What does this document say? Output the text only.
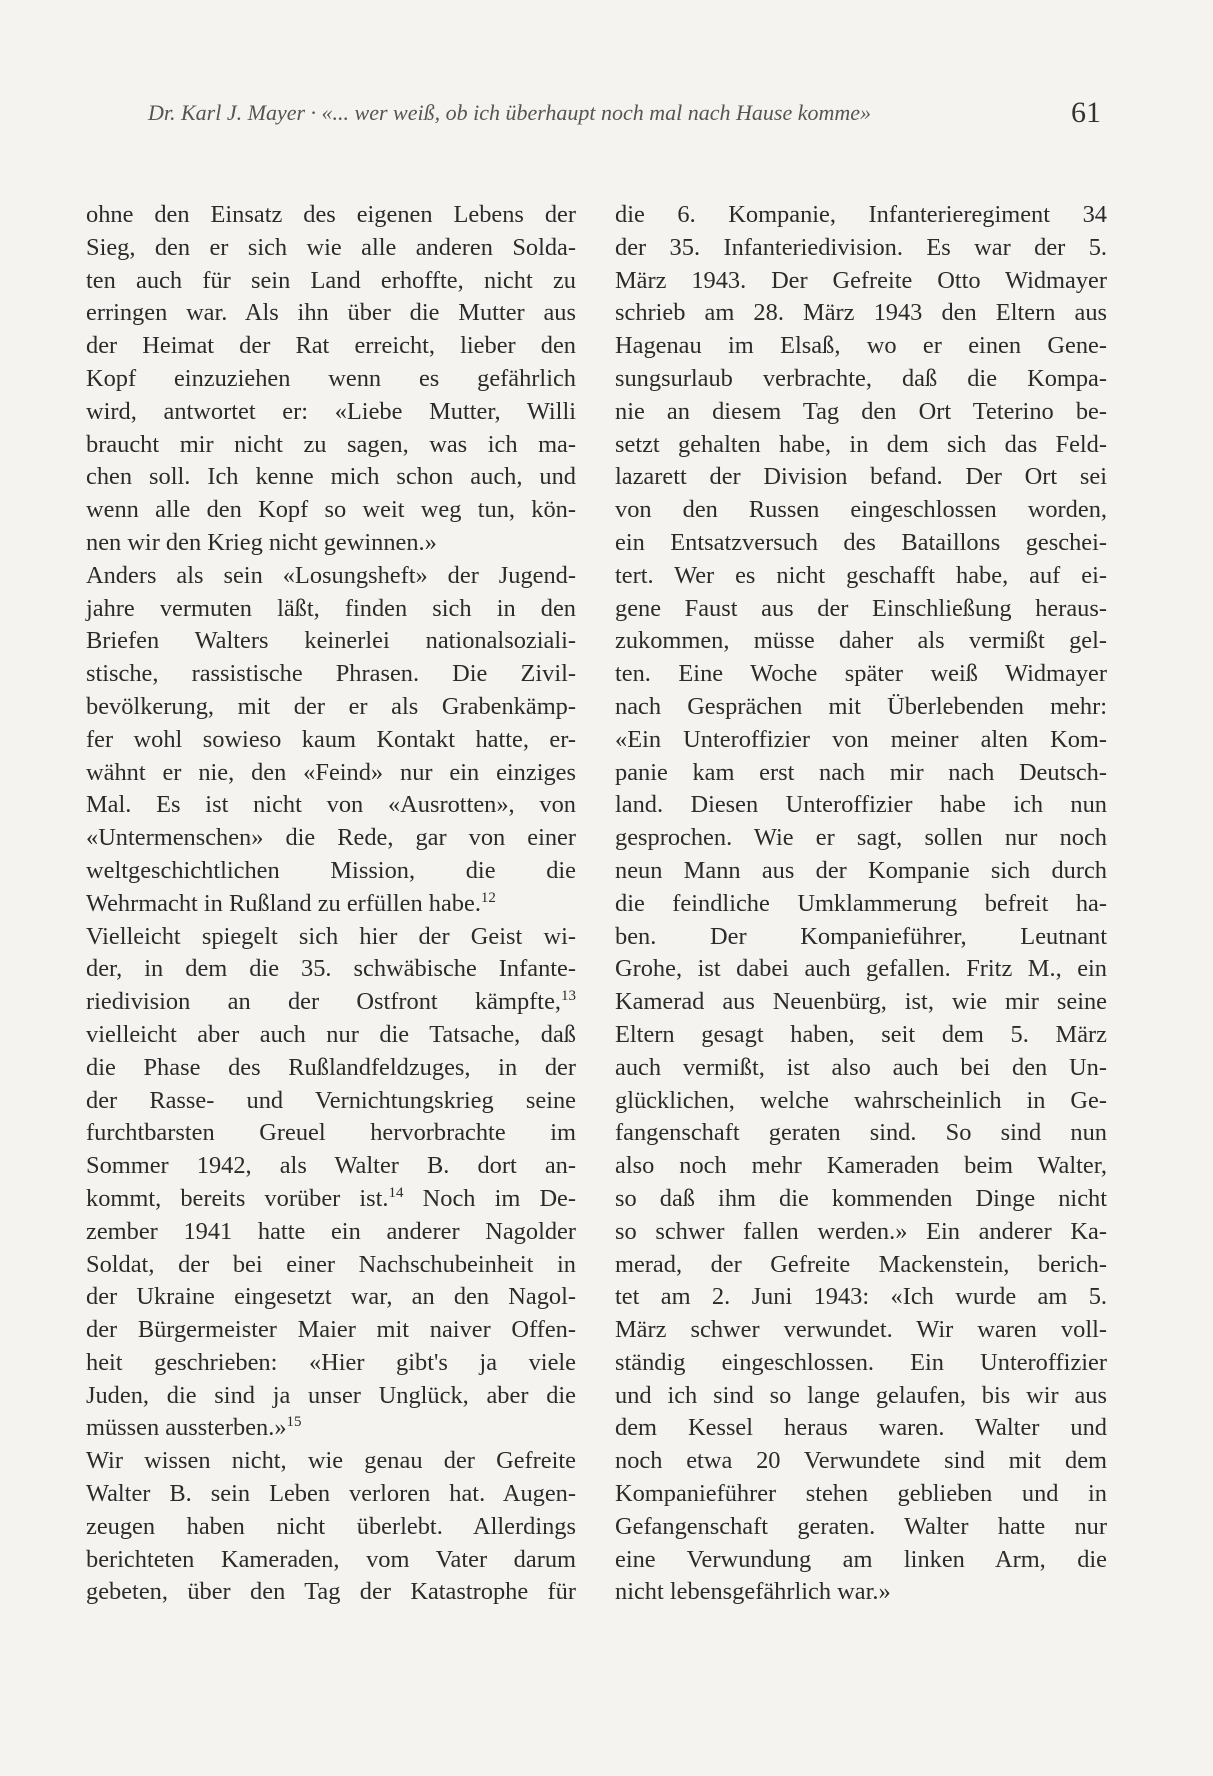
Dr. Karl J. Mayer · «... wer weiß, ob ich überhaupt noch mal nach Hause komme»	61
ohne den Einsatz des eigenen Lebens der
Sieg, den er sich wie alle anderen Solda-
ten auch für sein Land erhoffte, nicht zu
erringen war. Als ihn über die Mutter aus
der Heimat der Rat erreicht, lieber den
Kopf einzuziehen wenn es gefährlich
wird, antwortet er: «Liebe Mutter, Willi
braucht mir nicht zu sagen, was ich ma-
chen soll. Ich kenne mich schon auch, und
wenn alle den Kopf so weit weg tun, kön-
nen wir den Krieg nicht gewinnen.»
Anders als sein «Losungsheft» der Jugend-
jahre vermuten läßt, finden sich in den
Briefen Walters keinerlei nationalsoziali-
stische, rassistische Phrasen. Die Zivil-
bevölkerung, mit der er als Grabenkämp-
fer wohl sowieso kaum Kontakt hatte, er-
wähnt er nie, den «Feind» nur ein einziges
Mal. Es ist nicht von «Ausrotten», von
«Untermenschen» die Rede, gar von einer
weltgeschichtlichen Mission, die die
Wehrmacht in Rußland zu erfüllen habe.$^{12}$
Vielleicht spiegelt sich hier der Geist wi-
der, in dem die 35. schwäbische Infante-
riedivision an der Ostfront kämpfte,$^{13}$
vielleicht aber auch nur die Tatsache, daß
die Phase des Rußlandfeldzuges, in der
der Rasse- und Vernichtungskrieg seine
furchtbarsten Greuel hervorbrachte im
Sommer 1942, als Walter B. dort an-
kommt, bereits vorüber ist.$^{14}$ Noch im De-
zember 1941 hatte ein anderer Nagolder
Soldat, der bei einer Nachschubeinheit in
der Ukraine eingesetzt war, an den Nagol-
der Bürgermeister Maier mit naiver Offen-
heit geschrieben: «Hier gibt's ja viele
Juden, die sind ja unser Unglück, aber die
müssen aussterben.»$^{15}$
Wir wissen nicht, wie genau der Gefreite
Walter B. sein Leben verloren hat. Augen-
zeugen haben nicht überlebt. Allerdings
berichteten Kameraden, vom Vater darum
gebeten, über den Tag der Katastrophe für
die 6. Kompanie, Infanterieregiment 34
der 35. Infanteriedivision. Es war der 5.
März 1943. Der Gefreite Otto Widmayer
schrieb am 28. März 1943 den Eltern aus
Hagenau im Elsaß, wo er einen Gene-
sungsurlaub verbrachte, daß die Kompa-
nie an diesem Tag den Ort Teterino be-
setzt gehalten habe, in dem sich das Feld-
lazarett der Division befand. Der Ort sei
von den Russen eingeschlossen worden,
ein Entsatzversuch des Bataillons geschei-
tert. Wer es nicht geschafft habe, auf ei-
gene Faust aus der Einschließung heraus-
zukommen, müsse daher als vermißt gel-
ten. Eine Woche später weiß Widmayer
nach Gesprächen mit Überlebenden mehr:
«Ein Unteroffizier von meiner alten Kom-
panie kam erst nach mir nach Deutsch-
land. Diesen Unteroffizier habe ich nun
gesprochen. Wie er sagt, sollen nur noch
neun Mann aus der Kompanie sich durch
die feindliche Umklammerung befreit ha-
ben. Der Kompanieführer, Leutnant
Grohe, ist dabei auch gefallen. Fritz M., ein
Kamerad aus Neuenbürg, ist, wie mir seine
Eltern gesagt haben, seit dem 5. März
auch vermißt, ist also auch bei den Un-
glücklichen, welche wahrscheinlich in Ge-
fangenschaft geraten sind. So sind nun
also noch mehr Kameraden beim Walter,
so daß ihm die kommenden Dinge nicht
so schwer fallen werden.» Ein anderer Ka-
merad, der Gefreite Mackenstein, berich-
tet am 2. Juni 1943: «Ich wurde am 5.
März schwer verwundet. Wir waren voll-
ständig eingeschlossen. Ein Unteroffizier
und ich sind so lange gelaufen, bis wir aus
dem Kessel heraus waren. Walter und
noch etwa 20 Verwundete sind mit dem
Kompanieführer stehen geblieben und in
Gefangenschaft geraten. Walter hatte nur
eine Verwundung am linken Arm, die
nicht lebensgefährlich war.»
